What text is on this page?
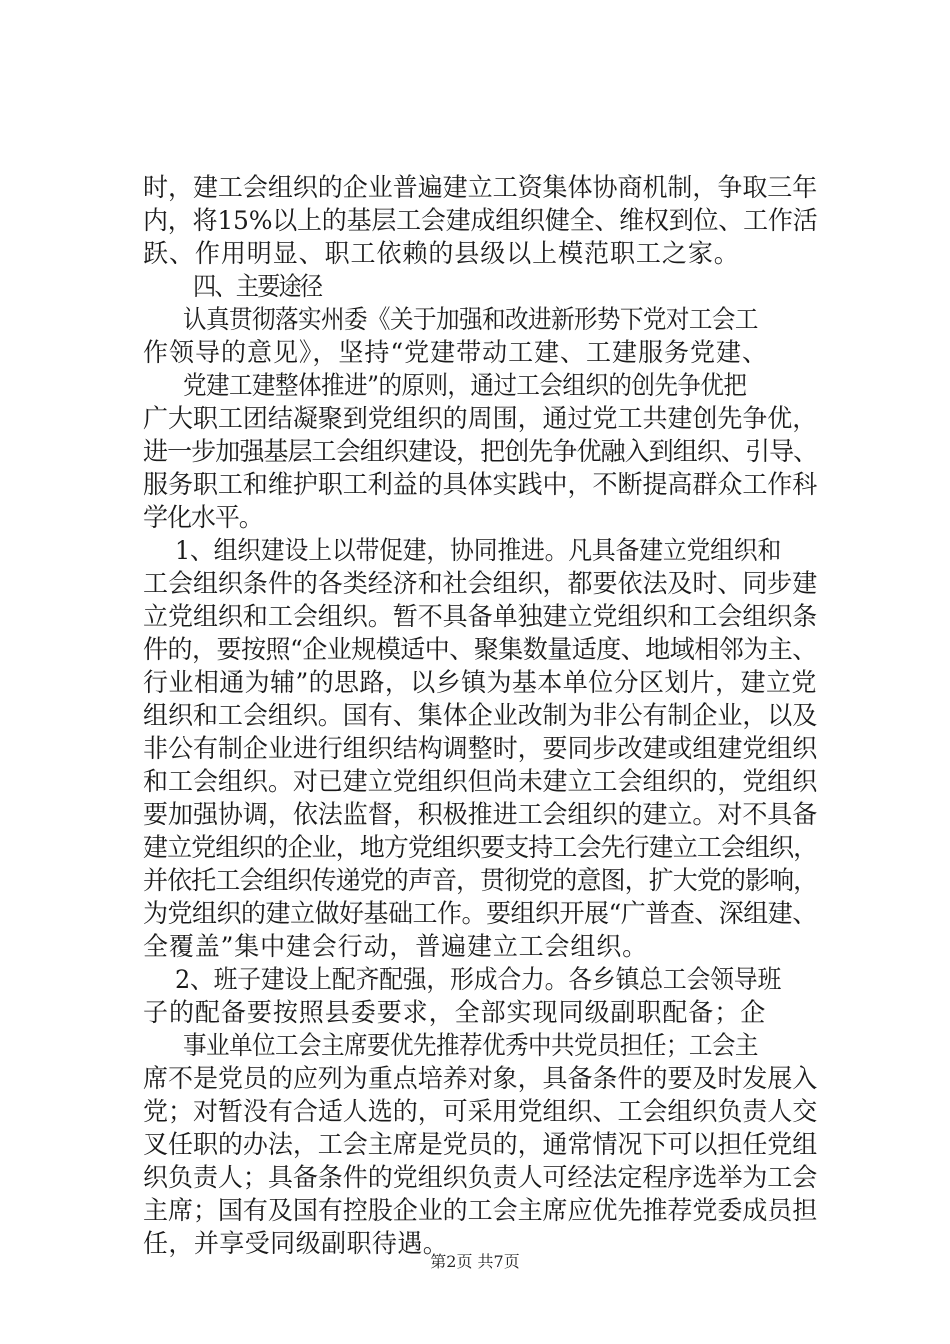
时，建工会组织的企业普遍建立工资集体协商机制，争取三年
内，将15%以上的基层工会建成组织健全、维权到位、工作活
跃、作用明显、职工依赖的县级以上模范职工之家。
四、主要途径
认真贯彻落实州委《关于加强和改进新形势下党对工会工
作领导的意见》，坚持“党建带动工建、工建服务党建、
党建工建整体推进”的原则，通过工会组织的创先争优把
广大职工团结凝聚到党组织的周围，通过党工共建创先争优，
进一步加强基层工会组织建设，把创先争优融入到组织、引导、
服务职工和维护职工利益的具体实践中，不断提高群众工作科
学化水平。
1、组织建设上以带促建，协同推进。凡具备建立党组织和
工会组织条件的各类经济和社会组织，都要依法及时、同步建
立党组织和工会组织。暂不具备单独建立党组织和工会组织条
件的，要按照“企业规模适中、聚集数量适度、地域相邻为主、
行业相通为辅”的思路，以乡镇为基本单位分区划片，建立党
组织和工会组织。国有、集体企业改制为非公有制企业，以及
非公有制企业进行组织结构调整时，要同步改建或组建党组织
和工会组织。对已建立党组织但尚未建立工会组织的，党组织
要加强协调，依法监督，积极推进工会组织的建立。对不具备
建立党组织的企业，地方党组织要支持工会先行建立工会组织，
并依托工会组织传递党的声音，贯彻党的意图，扩大党的影响，
为党组织的建立做好基础工作。要组织开展“广普查、深组建、
全覆盖”集中建会行动，普遍建立工会组织。
2、班子建设上配齐配强，形成合力。各乡镇总工会领导班
子的配备要按照县委要求，全部实现同级副职配备；企
事业单位工会主席要优先推荐优秀中共党员担任；工会主
席不是党员的应列为重点培养对象，具备条件的要及时发展入
党；对暂没有合适人选的，可采用党组织、工会组织负责人交
叉任职的办法，工会主席是党员的，通常情况下可以担任党组
织负责人；具备条件的党组织负责人可经法定程序选举为工会
主席；国有及国有控股企业的工会主席应优先推荐党委成员担
任，并享受同级副职待遇。
第2页 共7页
